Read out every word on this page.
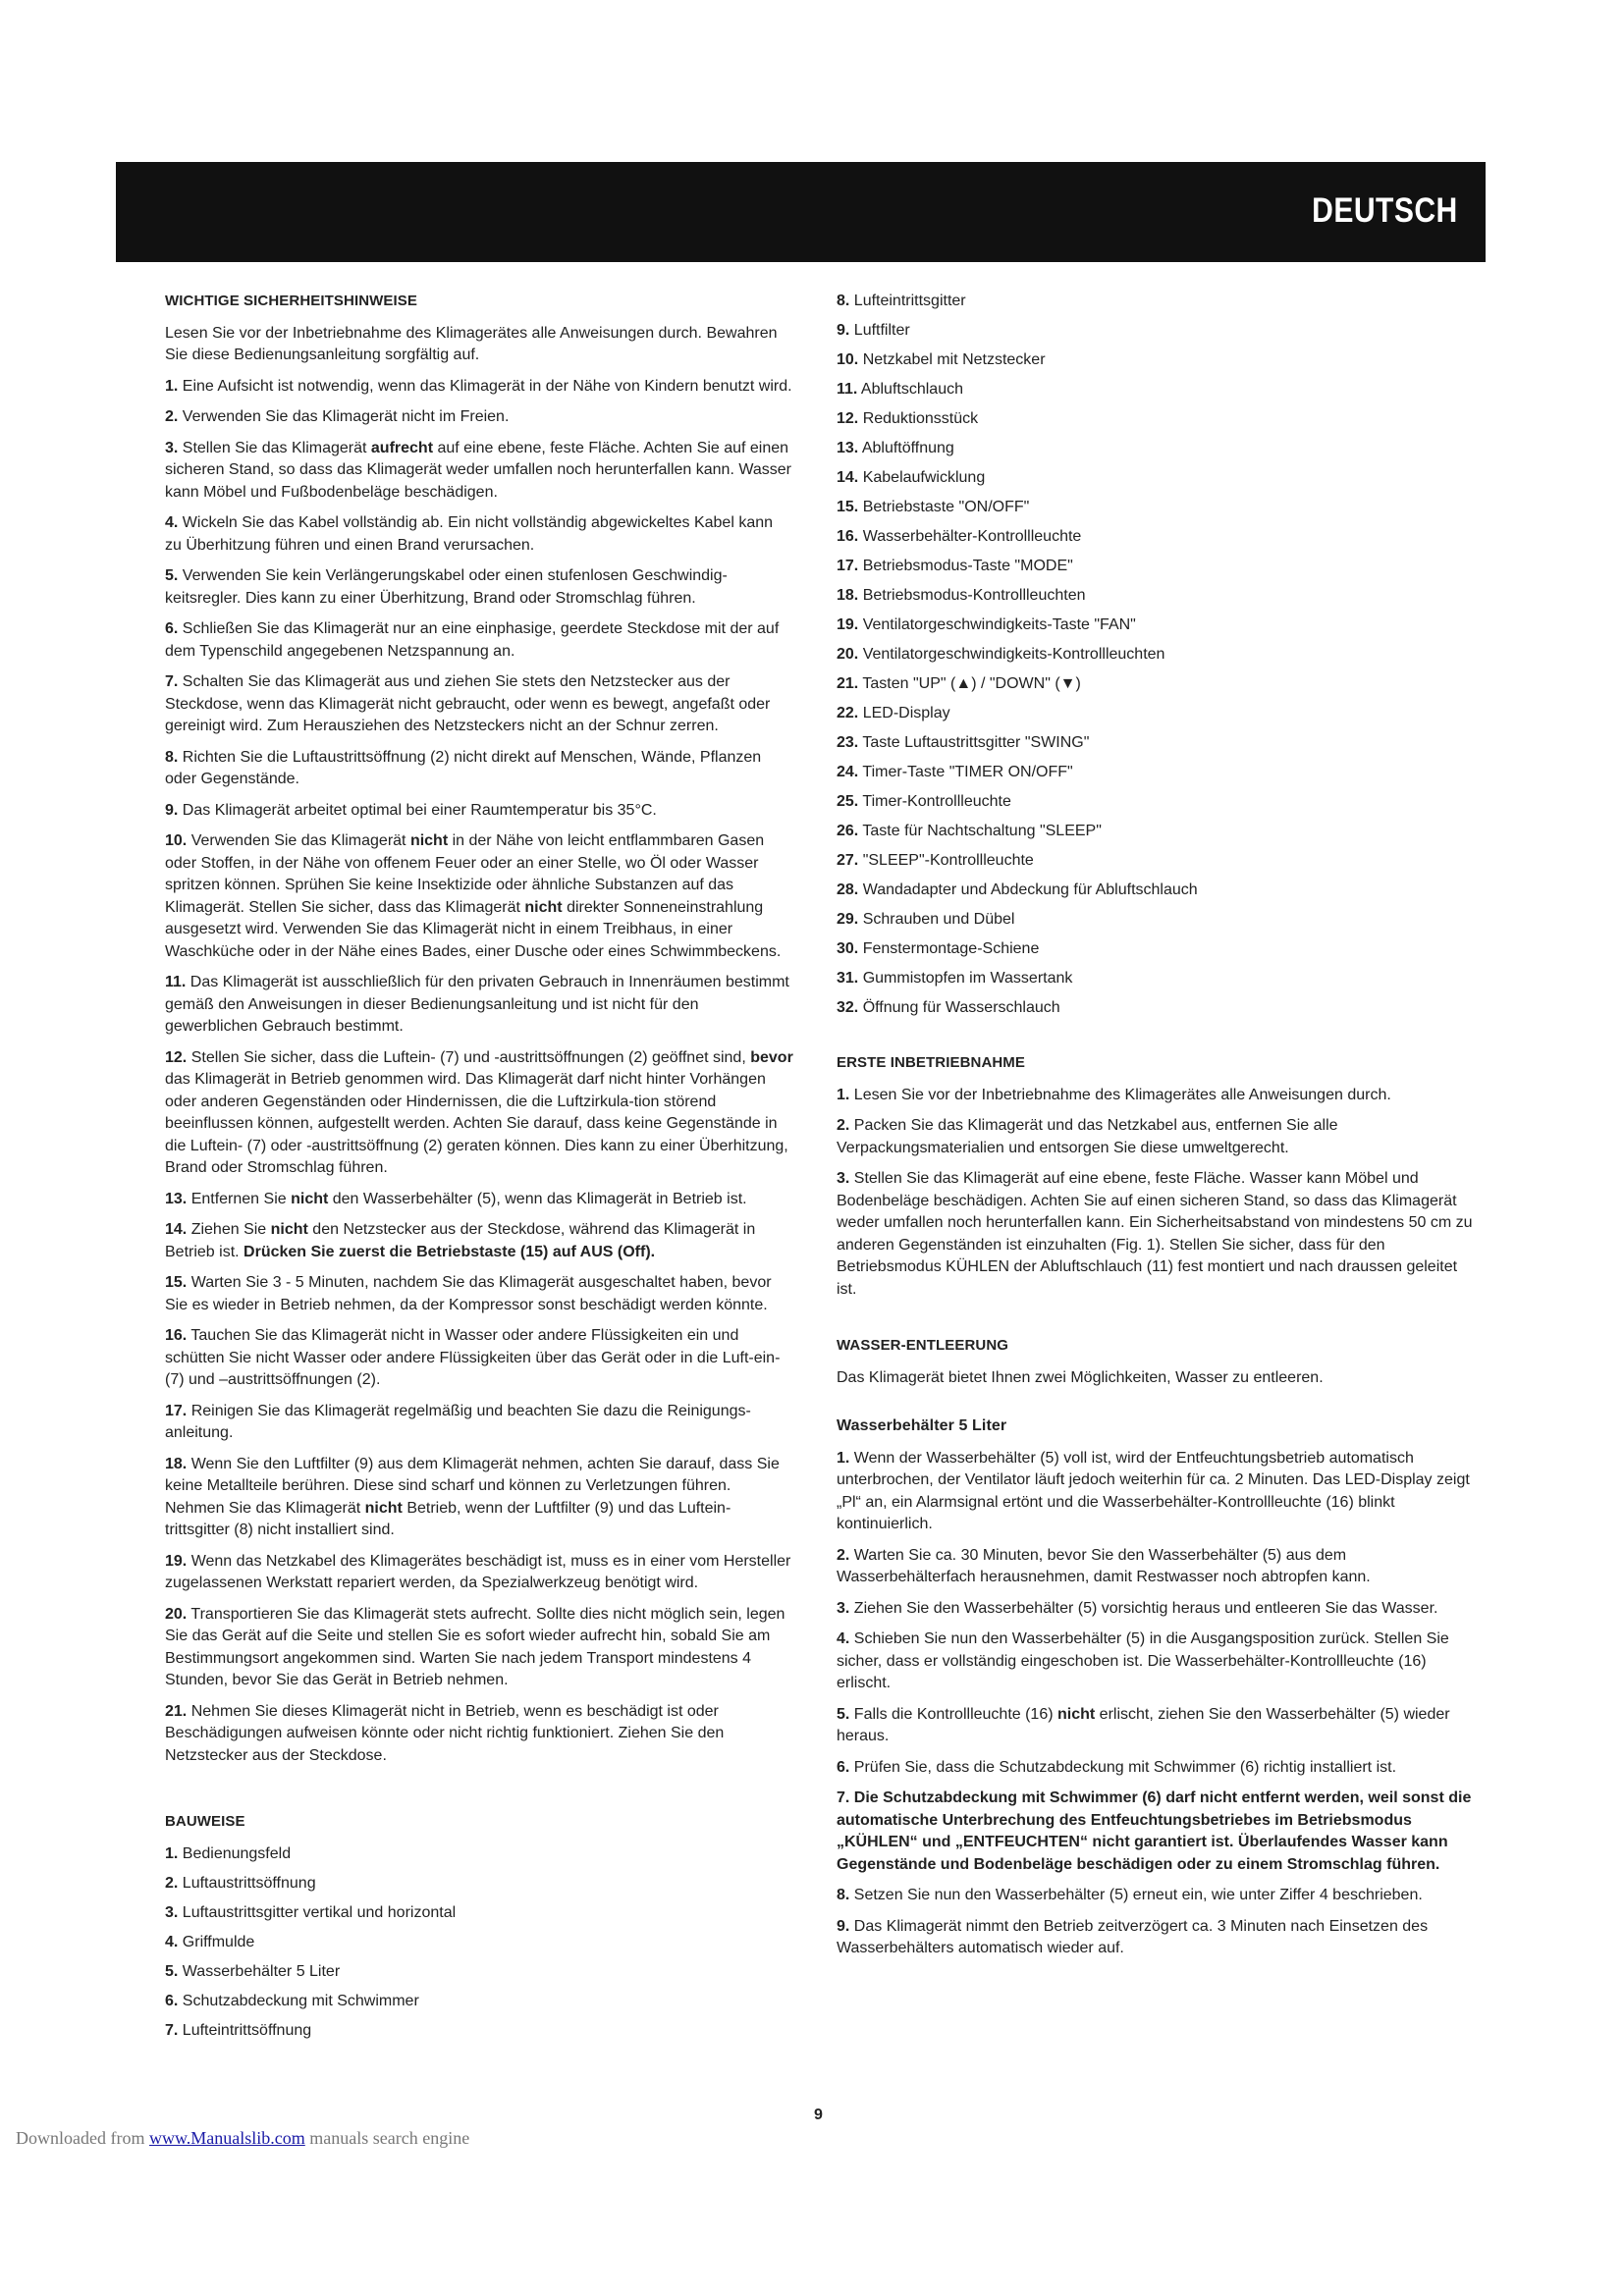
DEUTSCH
WICHTIGE SICHERHEITSHINWEISE

Lesen Sie vor der Inbetriebnahme des Klimagerätes alle Anweisungen durch. Bewahren Sie diese Bedienungsanleitung sorgfältig auf.

1. Eine Aufsicht ist notwendig, wenn das Klimagerät in der Nähe von Kindern benutzt wird.

2. Verwenden Sie das Klimagerät nicht im Freien.

3. Stellen Sie das Klimagerät aufrecht auf eine ebene, feste Fläche. Achten Sie auf einen sicheren Stand, so dass das Klimagerät weder umfallen noch herunterfallen kann. Wasser kann Möbel und Fußbodenbeläge beschädigen.

4. Wickeln Sie das Kabel vollständig ab. Ein nicht vollständig abgewickeltes Kabel kann zu Überhitzung führen und einen Brand verursachen.

5. Verwenden Sie kein Verlängerungskabel oder einen stufenlosen Geschwindig-keitsregler. Dies kann zu einer Überhitzung, Brand oder Stromschlag führen.

6. Schließen Sie das Klimagerät nur an eine einphasige, geerdete Steckdose mit der auf dem Typenschild angegebenen Netzspannung an.

7. Schalten Sie das Klimagerät aus und ziehen Sie stets den Netzstecker aus der Steckdose, wenn das Klimagerät nicht gebraucht, oder wenn es bewegt, angefaßt oder gereinigt wird. Zum Herausziehen des Netzsteckers nicht an der Schnur zerren.

8. Richten Sie die Luftaustrittsöffnung (2) nicht direkt auf Menschen, Wände, Pflanzen oder Gegenstände.

9. Das Klimagerät arbeitet optimal bei einer Raumtemperatur bis 35°C.

10. Verwenden Sie das Klimagerät nicht in der Nähe von leicht entflammbaren Gasen oder Stoffen, in der Nähe von offenem Feuer oder an einer Stelle, wo Öl oder Wasser spritzen können. Sprühen Sie keine Insektizide oder ähnliche Substanzen auf das Klimagerät. Stellen Sie sicher, dass das Klimagerät nicht direkter Sonneneinstrahlung ausgesetzt wird. Verwenden Sie das Klimagerät nicht in einem Treibhaus, in einer Waschküche oder in der Nähe eines Bades, einer Dusche oder eines Schwimmbeckens.

11. Das Klimagerät ist ausschließlich für den privaten Gebrauch in Innenräumen bestimmt gemäß den Anweisungen in dieser Bedienungsanleitung und ist nicht für den gewerblichen Gebrauch bestimmt.

12. Stellen Sie sicher, dass die Luftein- (7) und -austrittsöffnungen (2) geöffnet sind, bevor das Klimagerät in Betrieb genommen wird. Das Klimagerät darf nicht hinter Vorhängen oder anderen Gegenständen oder Hindernissen, die die Luftzirkula-tion störend beeinflussen können, aufgestellt werden. Achten Sie darauf, dass keine Gegenstände in die Luftein- (7) oder -austrittsöffnung (2) geraten können. Dies kann zu einer Überhitzung, Brand oder Stromschlag führen.

13. Entfernen Sie nicht den Wasserbehälter (5), wenn das Klimagerät in Betrieb ist.

14. Ziehen Sie nicht den Netzstecker aus der Steckdose, während das Klimagerät in Betrieb ist. Drücken Sie zuerst die Betriebstaste (15) auf AUS (Off).

15. Warten Sie 3 - 5 Minuten, nachdem Sie das Klimagerät ausgeschaltet haben, bevor Sie es wieder in Betrieb nehmen, da der Kompressor sonst beschädigt werden könnte.

16. Tauchen Sie das Klimagerät nicht in Wasser oder andere Flüssigkeiten ein und schütten Sie nicht Wasser oder andere Flüssigkeiten über das Gerät oder in die Luft-ein- (7) und –austrittsöffnungen (2).

17. Reinigen Sie das Klimagerät regelmäßig und beachten Sie dazu die Reinigungs-anleitung.

18. Wenn Sie den Luftfilter (9) aus dem Klimagerät nehmen, achten Sie darauf, dass Sie keine Metallteile berühren. Diese sind scharf und können zu Verletzungen führen. Nehmen Sie das Klimagerät nicht Betrieb, wenn der Luftfilter (9) und das Luftein-trittsgitter (8) nicht installiert sind.

19. Wenn das Netzkabel des Klimagerätes beschädigt ist, muss es in einer vom Hersteller zugelassenen Werkstatt repariert werden, da Spezialwerkzeug benötigt wird.

20. Transportieren Sie das Klimagerät stets aufrecht. Sollte dies nicht möglich sein, legen Sie das Gerät auf die Seite und stellen Sie es sofort wieder aufrecht hin, sobald Sie am Bestimmungsort angekommen sind. Warten Sie nach jedem Transport mindestens 4 Stunden, bevor Sie das Gerät in Betrieb nehmen.

21. Nehmen Sie dieses Klimagerät nicht in Betrieb, wenn es beschädigt ist oder Beschädigungen aufweisen könnte oder nicht richtig funktioniert. Ziehen Sie den Netzstecker aus der Steckdose.

BAUWEISE
1. Bedienungsfeld
2. Luftaustrittsöffnung
3. Luftaustrittsgitter vertikal und horizontal
4. Griffmulde
5. Wasserbehälter 5 Liter
6. Schutzabdeckung mit Schwimmer
7. Lufteintrittsöffnung
8. Lufteintrittsgitter
9. Luftfilter
10. Netzkabel mit Netzstecker
11. Abluftschlauch
12. Reduktionsstück
13. Abluftöffnung
14. Kabelaufwicklung
15. Betriebstaste "ON/OFF"
16. Wasserbehälter-Kontrollleuchte
17. Betriebsmodus-Taste "MODE"
18. Betriebsmodus-Kontrollleuchten
19. Ventilatorgeschwindigkeits-Taste "FAN"
20. Ventilatorgeschwindigkeits-Kontrollleuchten
21. Tasten "UP" (▲) / "DOWN" (▼)
22. LED-Display
23. Taste Luftaustrittsgitter "SWING"
24. Timer-Taste "TIMER ON/OFF"
25. Timer-Kontrollleuchte
26. Taste für Nachtschaltung "SLEEP"
27. "SLEEP"-Kontrollleuchte
28. Wandadapter und Abdeckung für Abluftschlauch
29. Schrauben und Dübel
30. Fenstermontage-Schiene
31. Gummistopfen im Wassertank
32. Öffnung für Wasserschlauch
ERSTE INBETRIEBNAHME

1. Lesen Sie vor der Inbetriebnahme des Klimagerätes alle Anweisungen durch.

2. Packen Sie das Klimagerät und das Netzkabel aus, entfernen Sie alle Verpackungsmaterialien und entsorgen Sie diese umweltgerecht.

3. Stellen Sie das Klimagerät auf eine ebene, feste Fläche. Wasser kann Möbel und Bodenbeläge beschädigen. Achten Sie auf einen sicheren Stand, so dass das Klimagerät weder umfallen noch herunterfallen kann. Ein Sicherheitsabstand von mindestens 50 cm zu anderen Gegenständen ist einzuhalten (Fig. 1). Stellen Sie sicher, dass für den Betriebsmodus KÜHLEN der Abluftschlauch (11) fest montiert und nach draussen geleitet ist.

WASSER-ENTLEERUNG

Das Klimagerät bietet Ihnen zwei Möglichkeiten, Wasser zu entleeren.

Wasserbehälter 5 Liter

1. Wenn der Wasserbehälter (5) voll ist, wird der Entfeuchtungsbetrieb automatisch unterbrochen, der Ventilator läuft jedoch weiterhin für ca. 2 Minuten. Das LED-Display zeigt „Pl“ an, ein Alarmsignal ertönt und die Wasserbehälter-Kontrollleuchte (16) blinkt kontinuierlich.

2. Warten Sie ca. 30 Minuten, bevor Sie den Wasserbehälter (5) aus dem Wasserbehälterfach herausnehmen, damit Restwasser noch abtropfen kann.

3. Ziehen Sie den Wasserbehälter (5) vorsichtig heraus und entleeren Sie das Wasser.

4. Schieben Sie nun den Wasserbehälter (5) in die Ausgangsposition zurück. Stellen Sie sicher, dass er vollständig eingeschoben ist. Die Wasserbehälter-Kontrollleuchte (16) erlischt.

5. Falls die Kontrollleuchte (16) nicht erlischt, ziehen Sie den Wasserbehälter (5) wieder heraus.

6. Prüfen Sie, dass die Schutzabdeckung mit Schwimmer (6) richtig installiert ist.

7. Die Schutzabdeckung mit Schwimmer (6) darf nicht entfernt werden, weil sonst die automatische Unterbrechung des Entfeuchtungsbetriebes im Betriebsmodus „KÜHLEN“ und „ENTFEUCHTEN“ nicht garantiert ist. Überlaufendes Wasser kann Gegenstände und Bodenbeläge beschädigen oder zu einem Stromschlag führen.

8. Setzen Sie nun den Wasserbehälter (5) erneut ein, wie unter Ziffer 4 beschrieben.

9. Das Klimagerät nimmt den Betrieb zeitverzögert ca. 3 Minuten nach Einsetzen des Wasserbehälters automatisch wieder auf.

9
Downloaded from www.Manualslib.com manuals search engine
